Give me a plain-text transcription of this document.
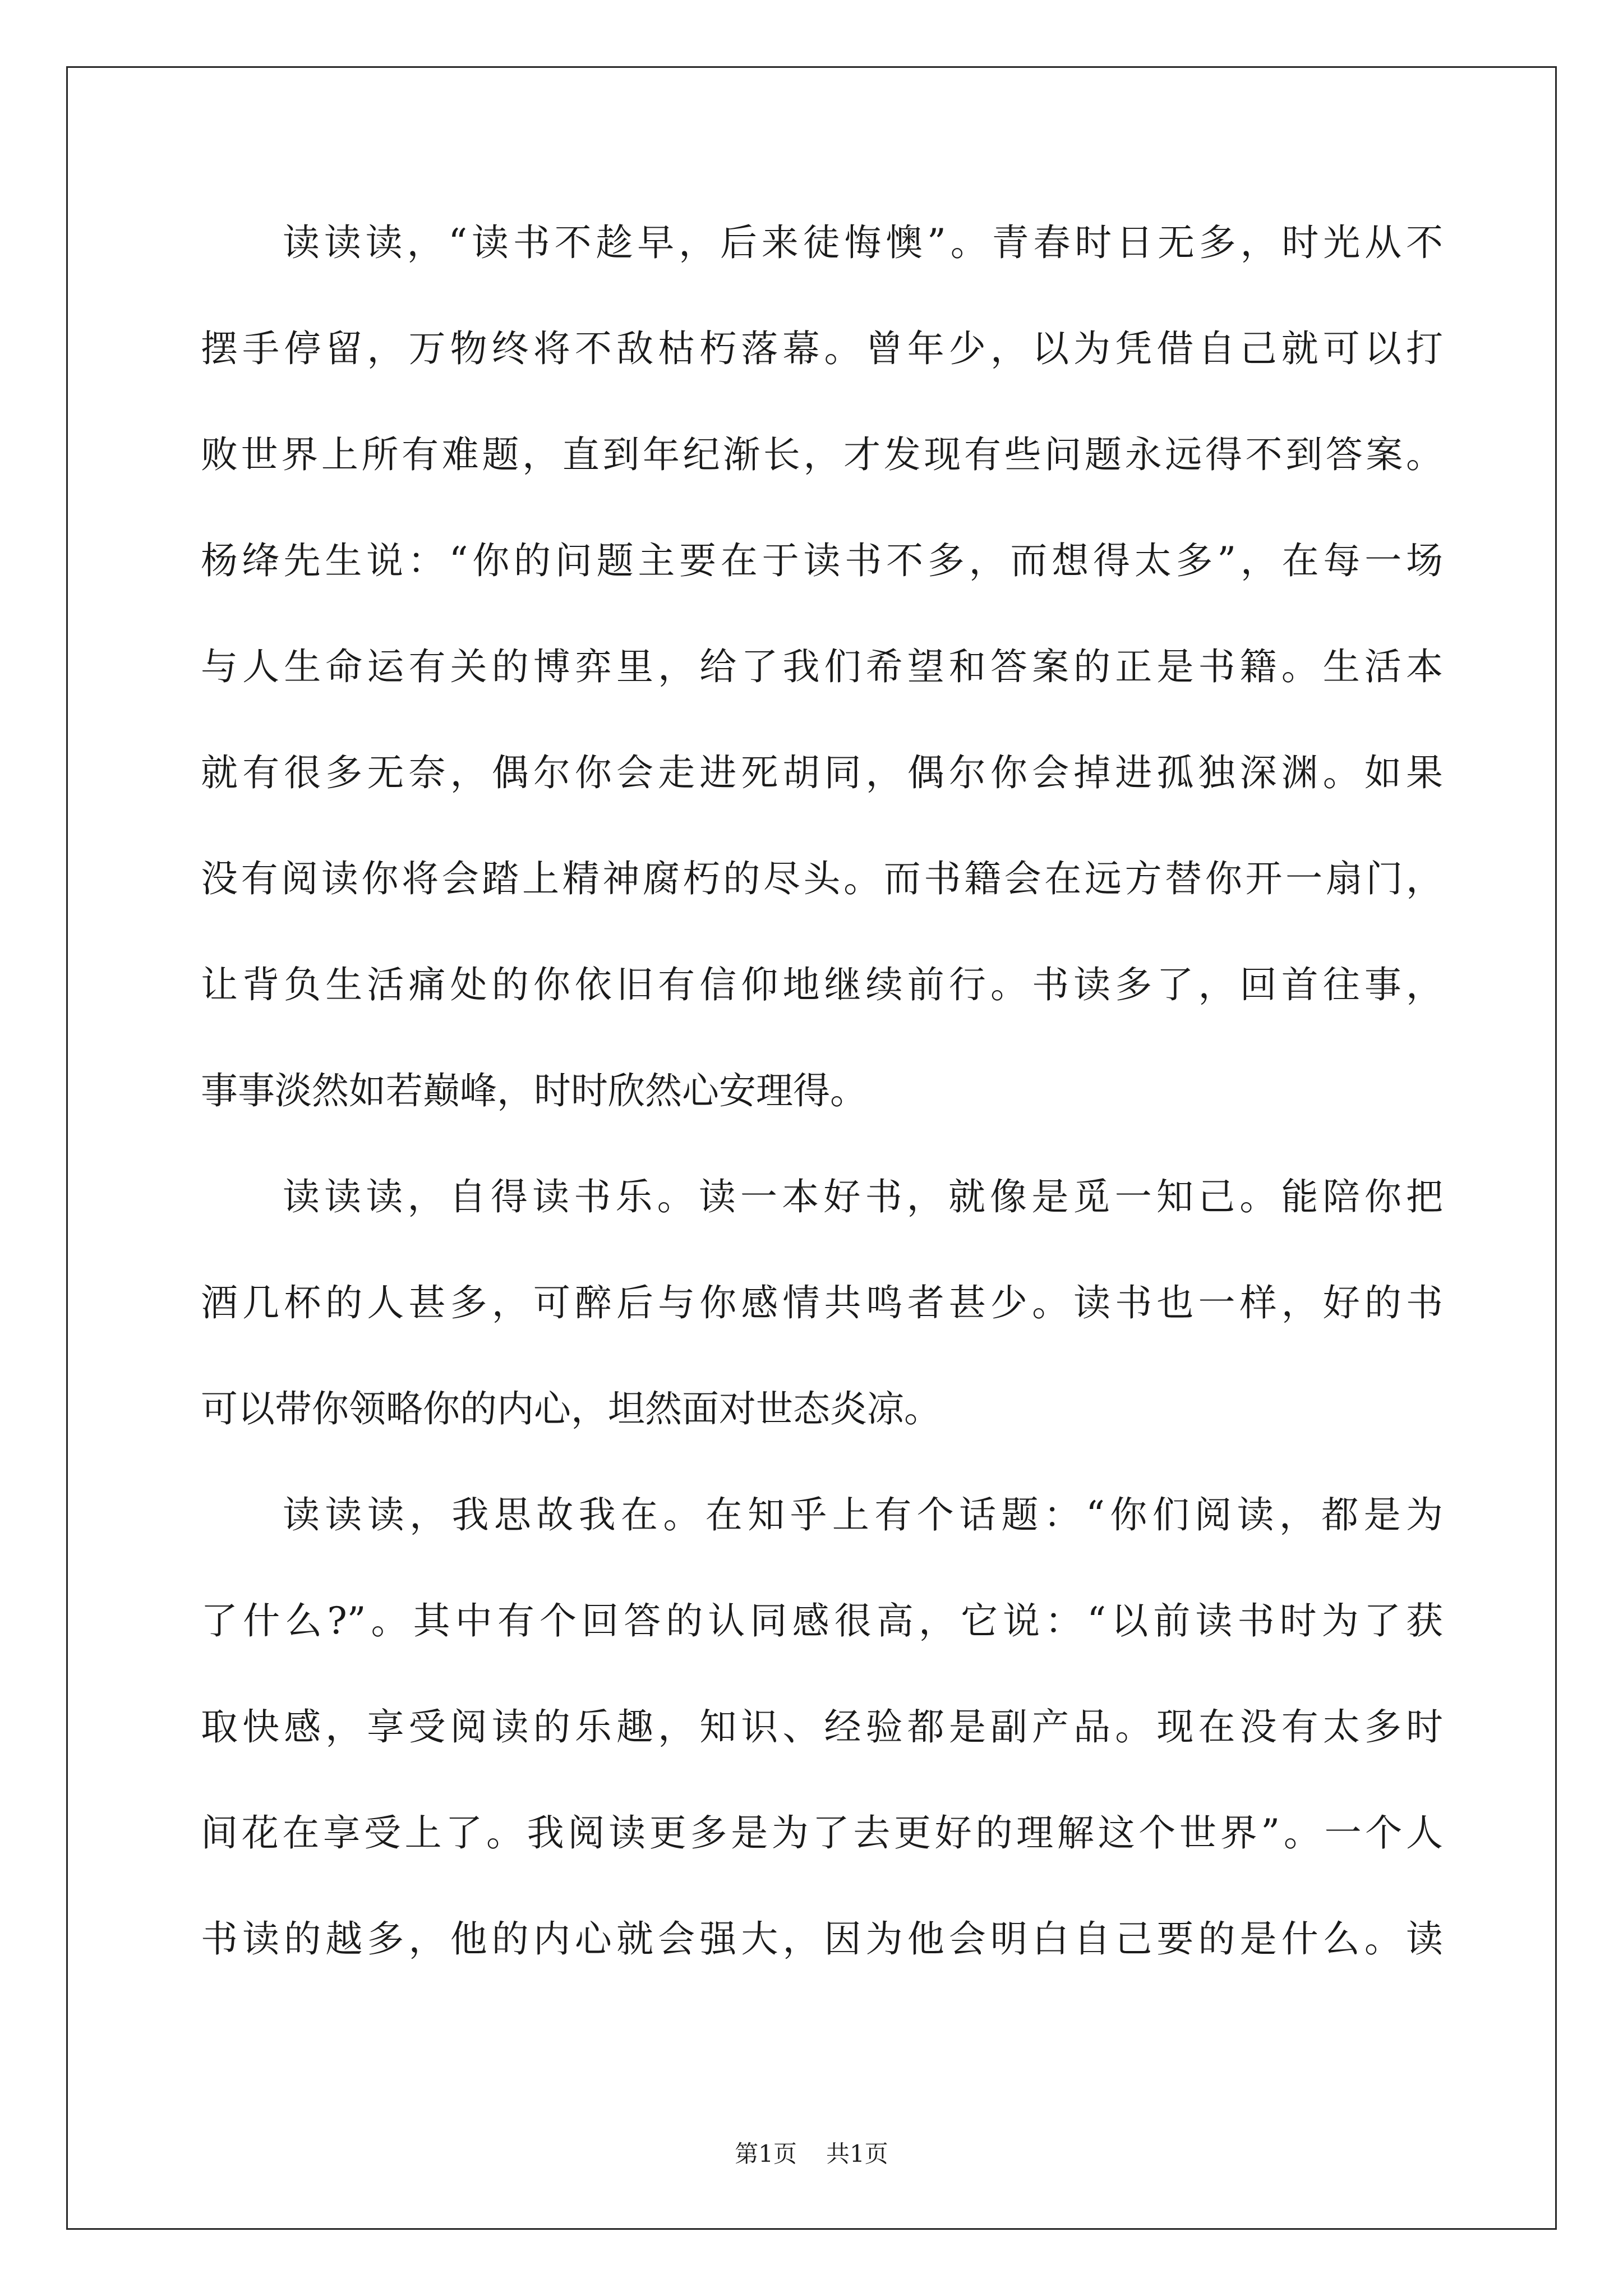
读读读，“读书不趁早，后来徒悔懊”。青春时日无多，时光从不
摆手停留，万物终将不敌枯朽落幕。曾年少，以为凭借自己就可以打
败世界上所有难题，直到年纪渐长，才发现有些问题永远得不到答案。
杨绛先生说：“你的问题主要在于读书不多，而想得太多”，在每一场
与人生命运有关的博弈里，给了我们希望和答案的正是书籍。生活本
就有很多无奈，偶尔你会走进死胡同，偶尔你会掉进孤独深渊。如果
没有阅读你将会踏上精神腐朽的尽头。而书籍会在远方替你开一扇门，
让背负生活痛处的你依旧有信仰地继续前行。书读多了，回首往事，
事事淡然如若巅峰，时时欣然心安理得。
读读读，自得读书乐。读一本好书，就像是觅一知己。能陪你把
酒几杯的人甚多，可醉后与你感情共鸣者甚少。读书也一样，好的书
可以带你领略你的内心，坦然面对世态炎凉。
读读读，我思故我在。在知乎上有个话题：“你们阅读，都是为
了什么?”。其中有个回答的认同感很高，它说：“以前读书时为了获
取快感，享受阅读的乐趣，知识、经验都是副产品。现在没有太多时
间花在享受上了。我阅读更多是为了去更好的理解这个世界”。一个人
书读的越多，他的内心就会强大，因为他会明白自己要的是什么。读
第1页 共1页
